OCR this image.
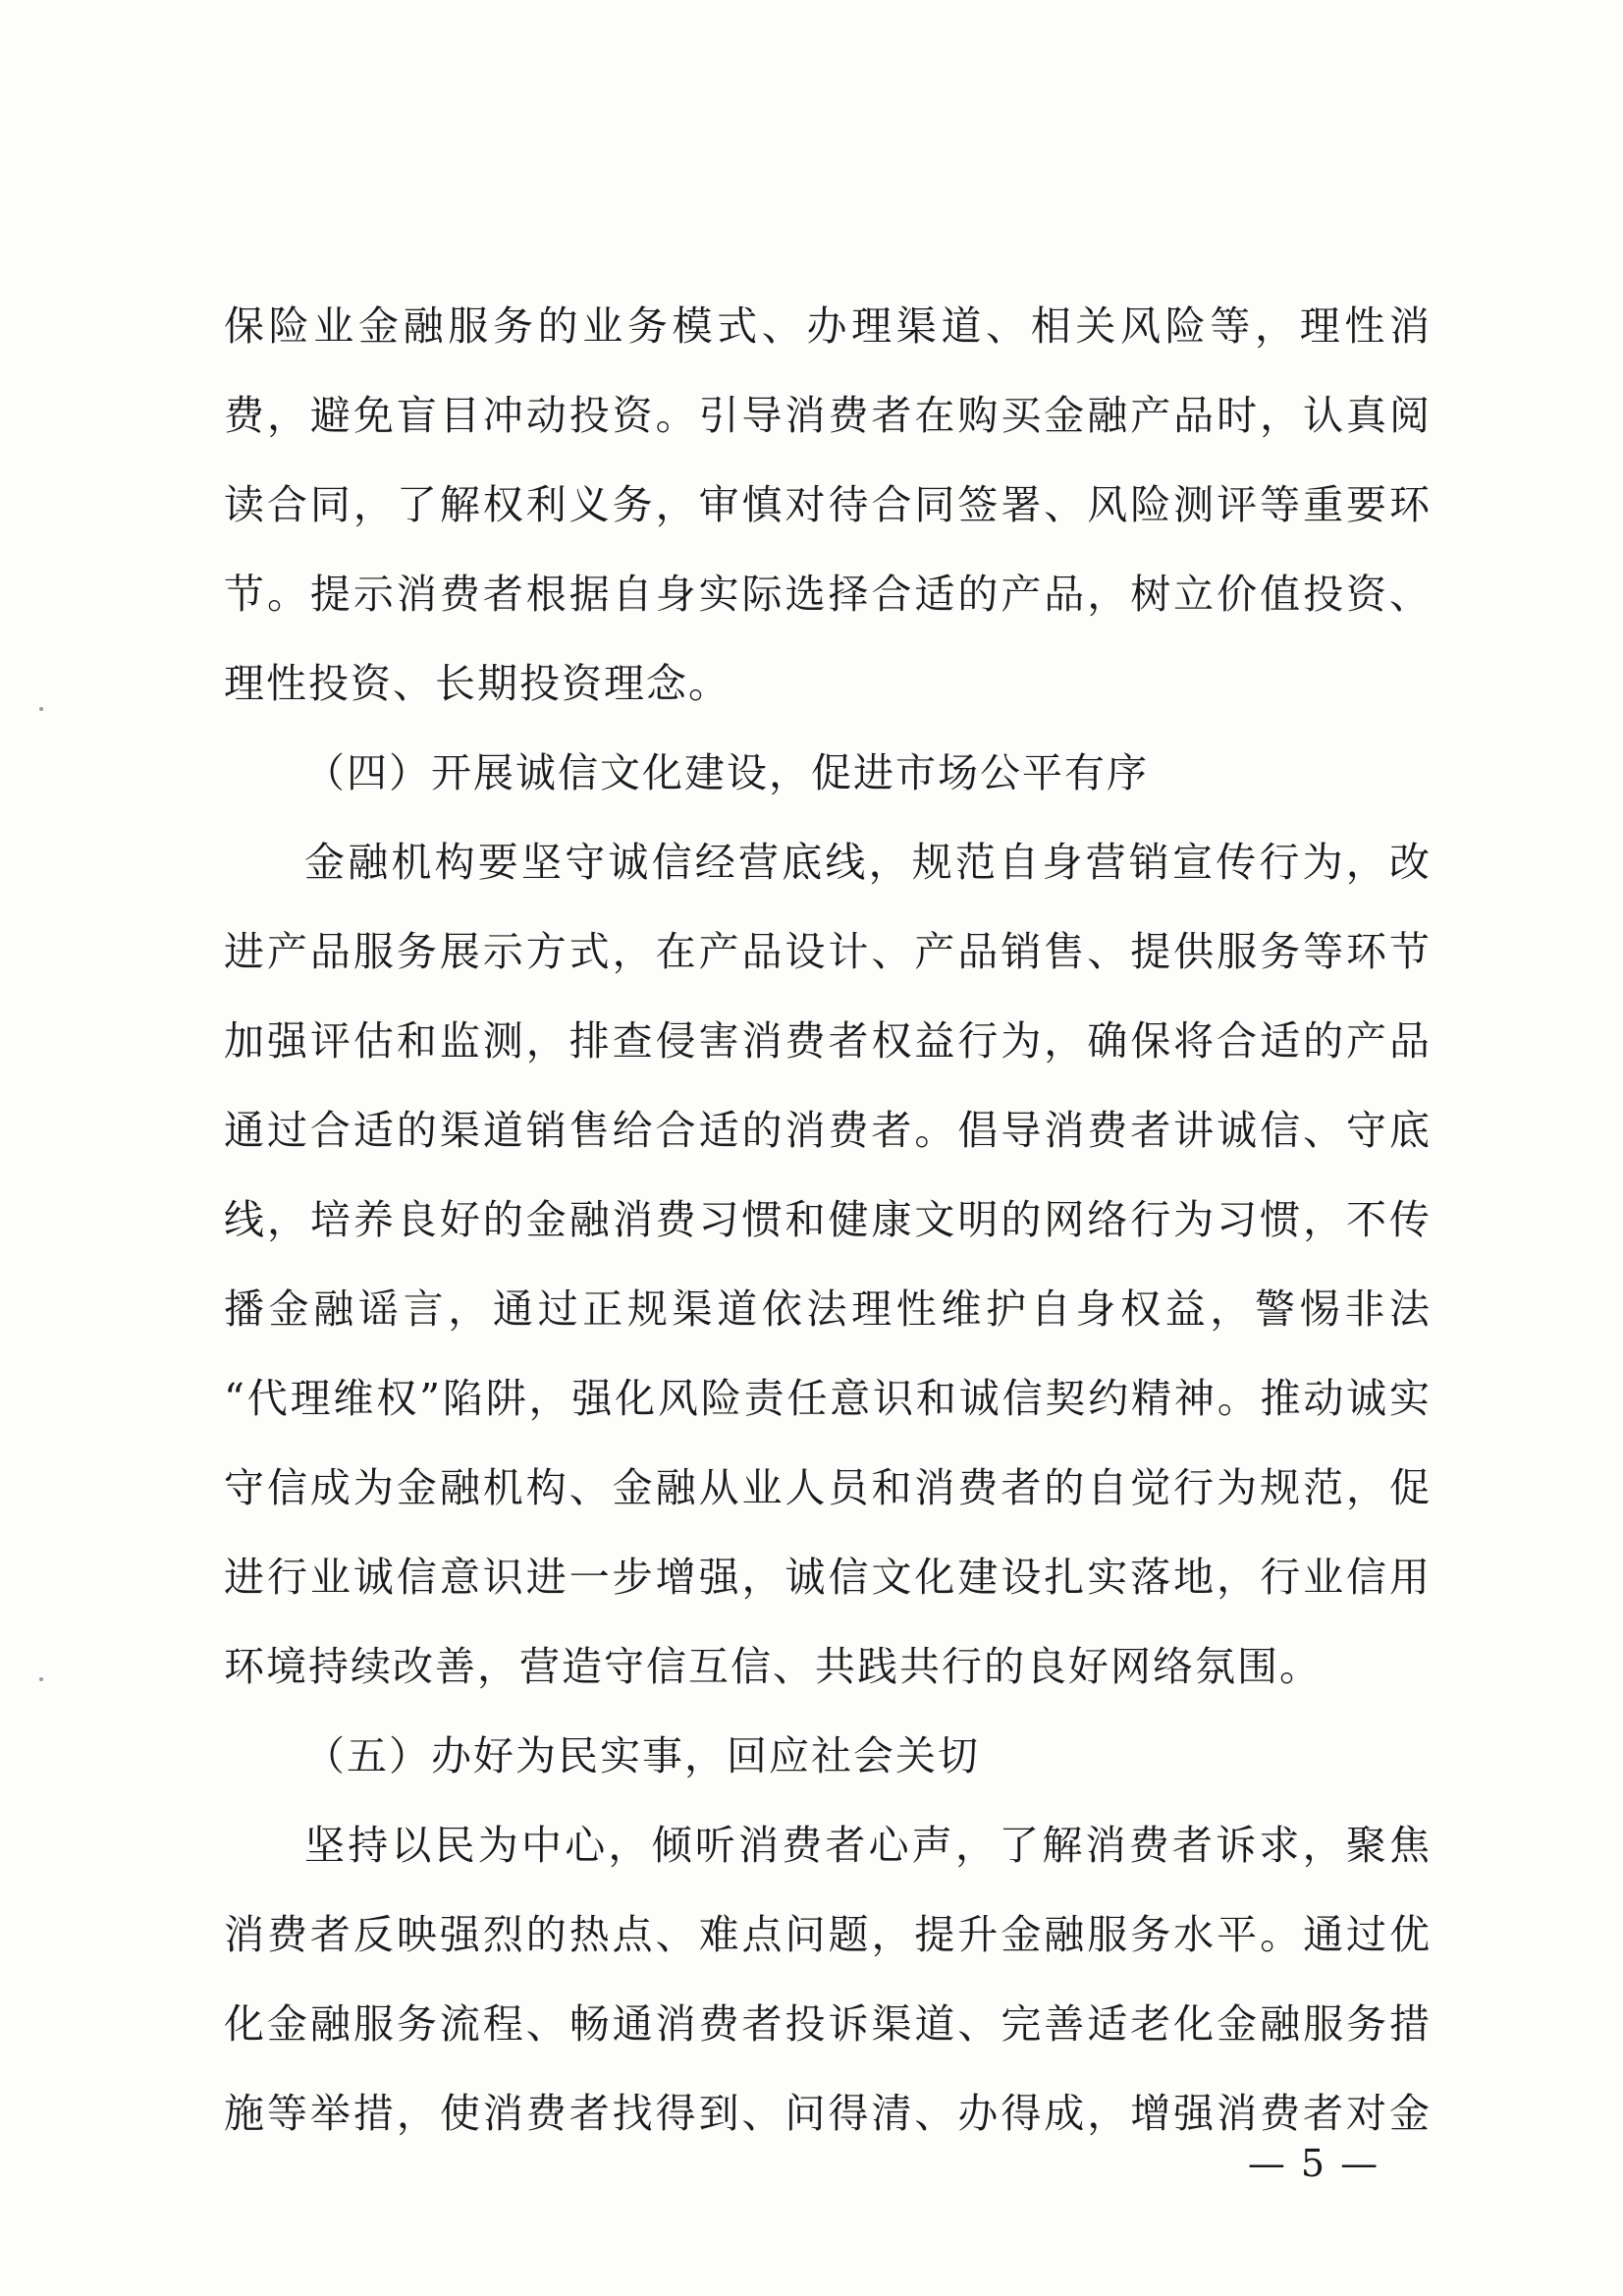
保险业金融服务的业务模式、办理渠道、相关风险等，理性消
费，避免盲目冲动投资。引导消费者在购买金融产品时，认真阅
读合同，了解权利义务，审慎对待合同签署、风险测评等重要环
节。提示消费者根据自身实际选择合适的产品，树立价值投资、
理性投资、长期投资理念。
（四）开展诚信文化建设，促进市场公平有序
金融机构要坚守诚信经营底线，规范自身营销宣传行为，改
进产品服务展示方式，在产品设计、产品销售、提供服务等环节
加强评估和监测，排查侵害消费者权益行为，确保将合适的产品
通过合适的渠道销售给合适的消费者。倡导消费者讲诚信、守底
线，培养良好的金融消费习惯和健康文明的网络行为习惯，不传
播金融谣言，通过正规渠道依法理性维护自身权益，警惕非法
“代理维权”陷阱，强化风险责任意识和诚信契约精神。推动诚实
守信成为金融机构、金融从业人员和消费者的自觉行为规范，促
进行业诚信意识进一步增强，诚信文化建设扎实落地，行业信用
环境持续改善，营造守信互信、共践共行的良好网络氛围。
（五）办好为民实事，回应社会关切
坚持以民为中心，倾听消费者心声，了解消费者诉求，聚焦
消费者反映强烈的热点、难点问题，提升金融服务水平。通过优
化金融服务流程、畅通消费者投诉渠道、完善适老化金融服务措
施等举措，使消费者找得到、问得清、办得成，增强消费者对金
— 5 —
